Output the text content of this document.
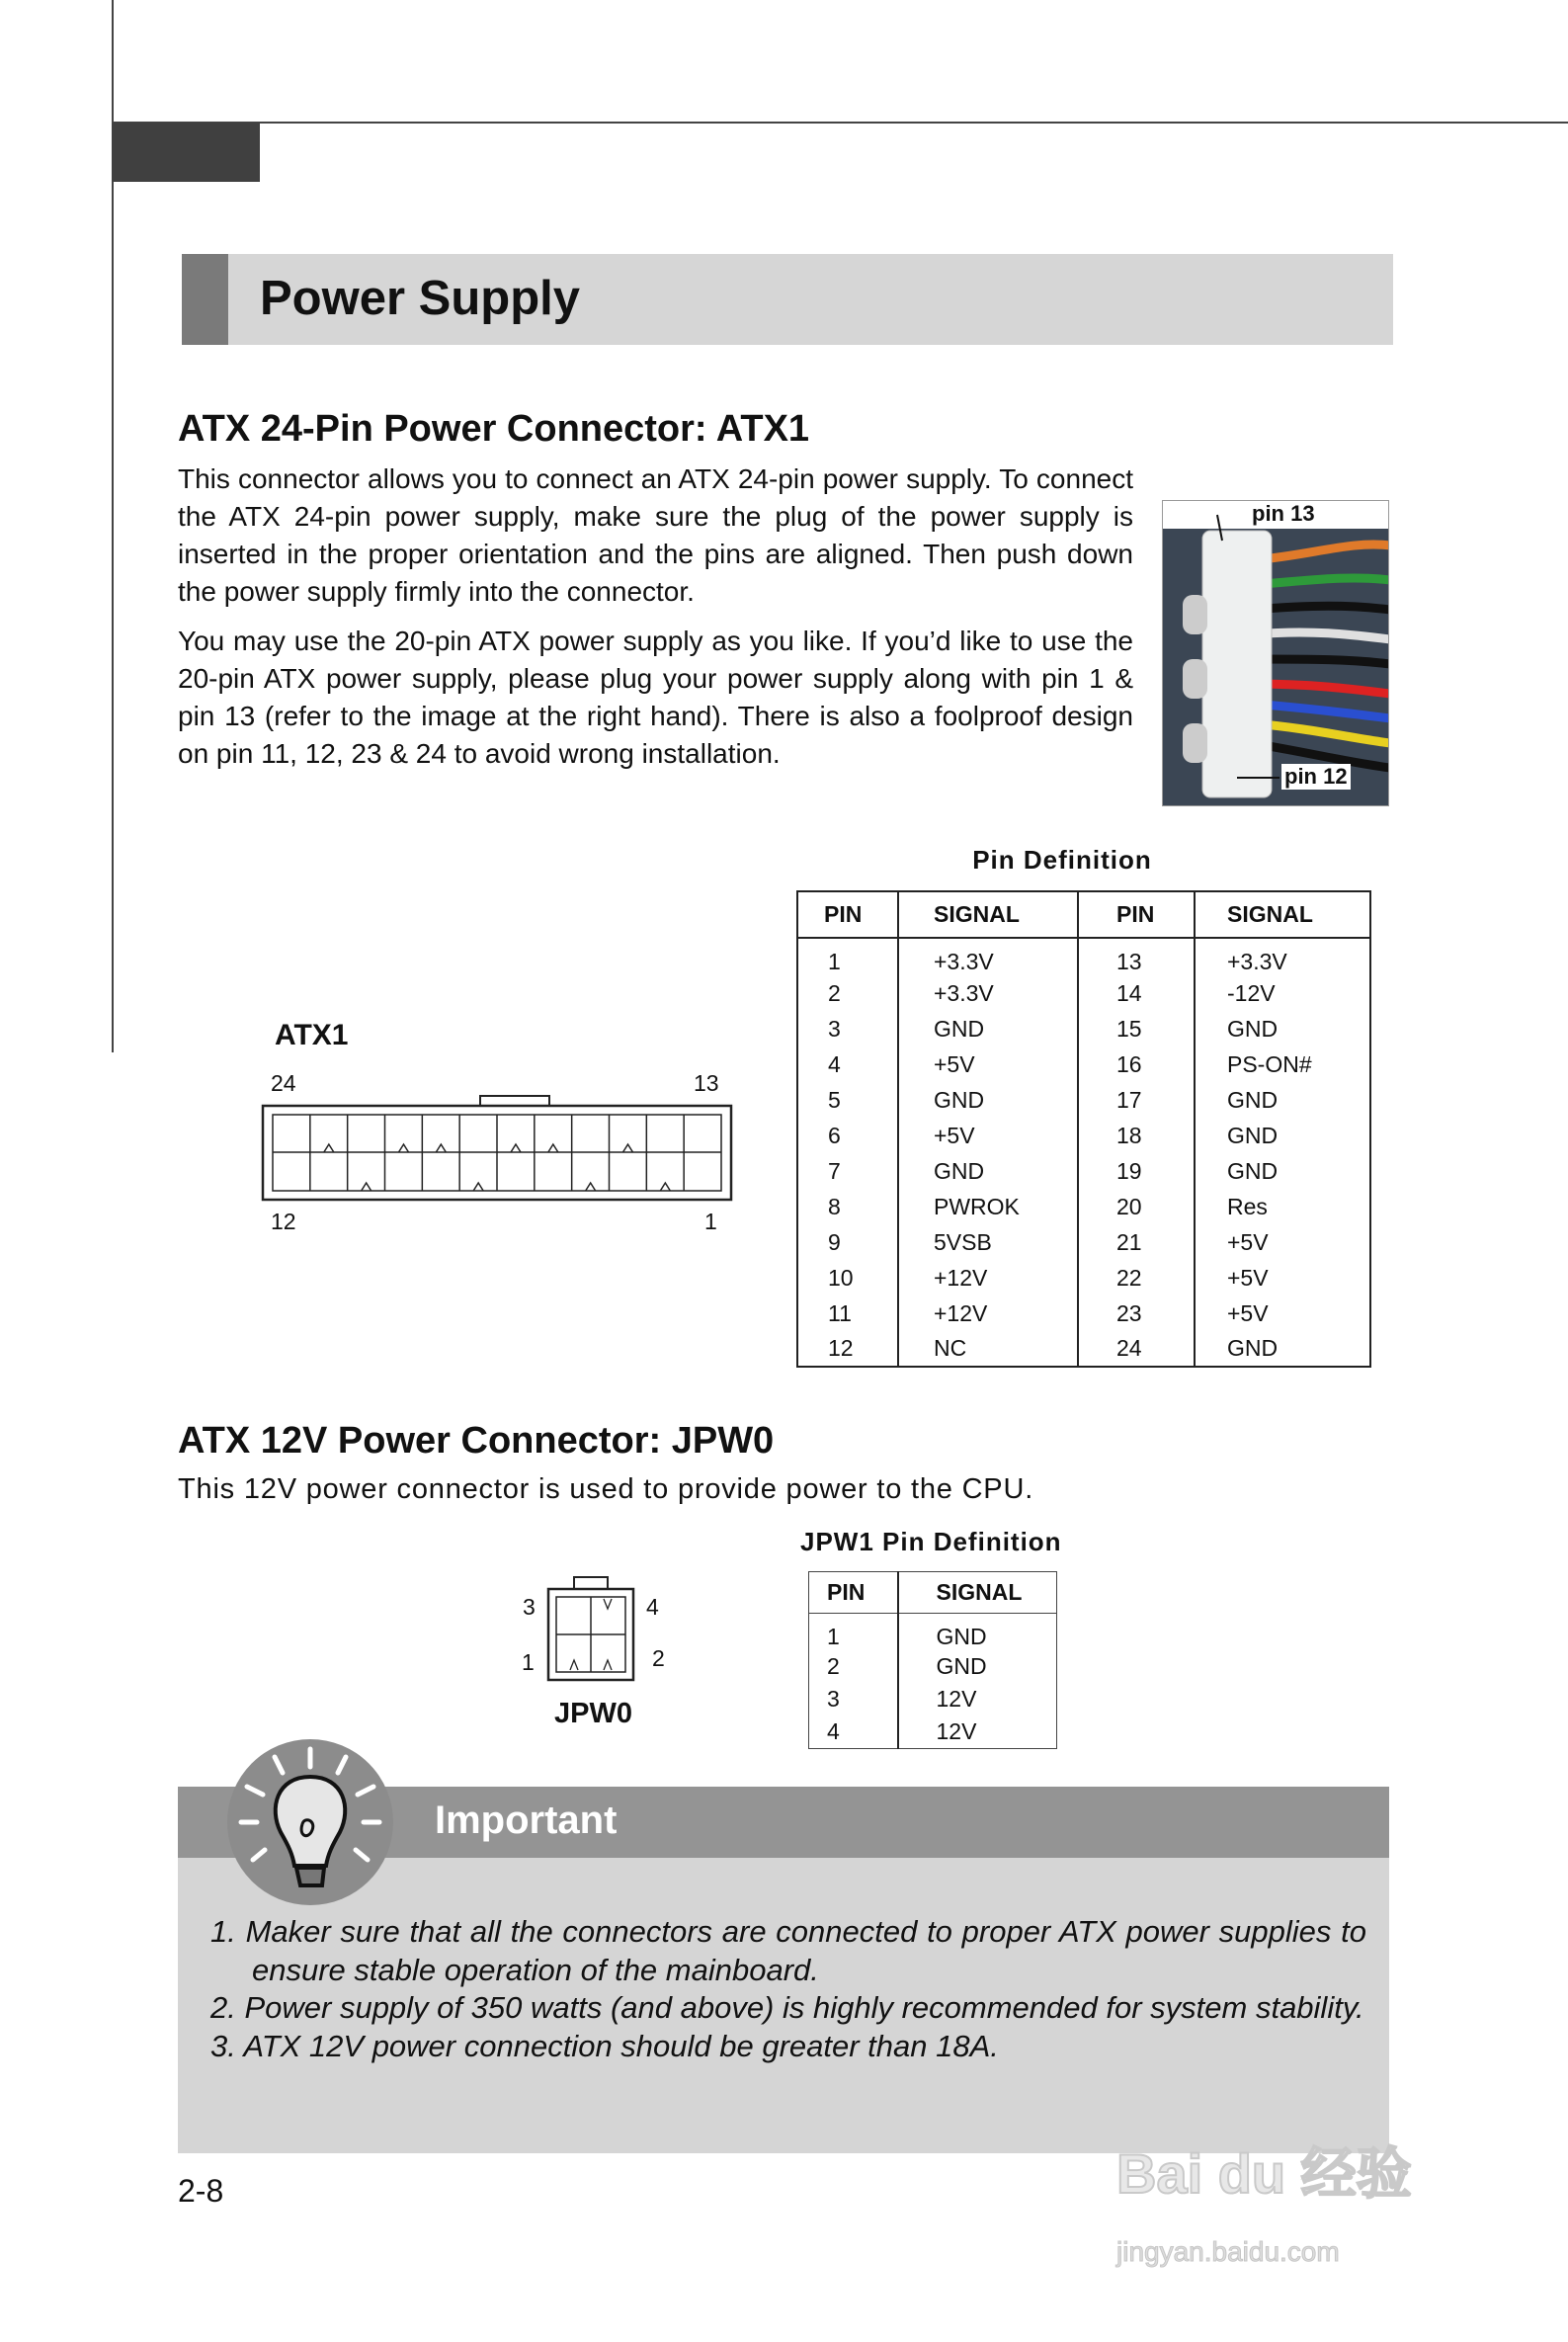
Power Supply
ATX 24-Pin Power Connector: ATX1

This connector allows you to connect an ATX 24-pin power supply. To connect the ATX 24-pin power supply, make sure the plug of the power supply is inserted in the proper orientation and the pins are aligned. Then push down the power supply firmly into the connector.

You may use the 20-pin ATX power supply as you like. If you’d like to use the 20-pin ATX power supply, please plug your power supply along with pin 1 & pin 13 (refer to the image at the right hand). There is also a foolproof design on pin 11, 12, 23 & 24 to avoid wrong installation.

pin 13
pin 12
ATX1
24	13
12	1
Pin Definition
PIN	SIGNAL	PIN	SIGNAL
1	+3.3V	13	+3.3V
2	+3.3V	14	-12V
3	GND	15	GND
4	+5V	16	PS-ON#
5	GND	17	GND
6	+5V	18	GND
7	GND	19	GND
8	PWROK	20	Res
9	5VSB	21	+5V
10	+12V	22	+5V
11	+12V	23	+5V
12	NC	24	GND
ATX 12V Power Connector: JPW0
This 12V power connector is used to provide power to the CPU.
3	4
1	2
JPW0
JPW1 Pin Definition
PIN	SIGNAL
1	GND
2	GND
3	12V
4	12V
Important
1. Maker sure that all the connectors are connected to proper ATX power supplies to ensure stable operation of the mainboard.
2. Power supply of 350 watts (and above) is highly recommended for system stability.
3. ATX 12V power connection should be greater than 18A.
2-8	Bai du 经验
jingyan.baidu.com
